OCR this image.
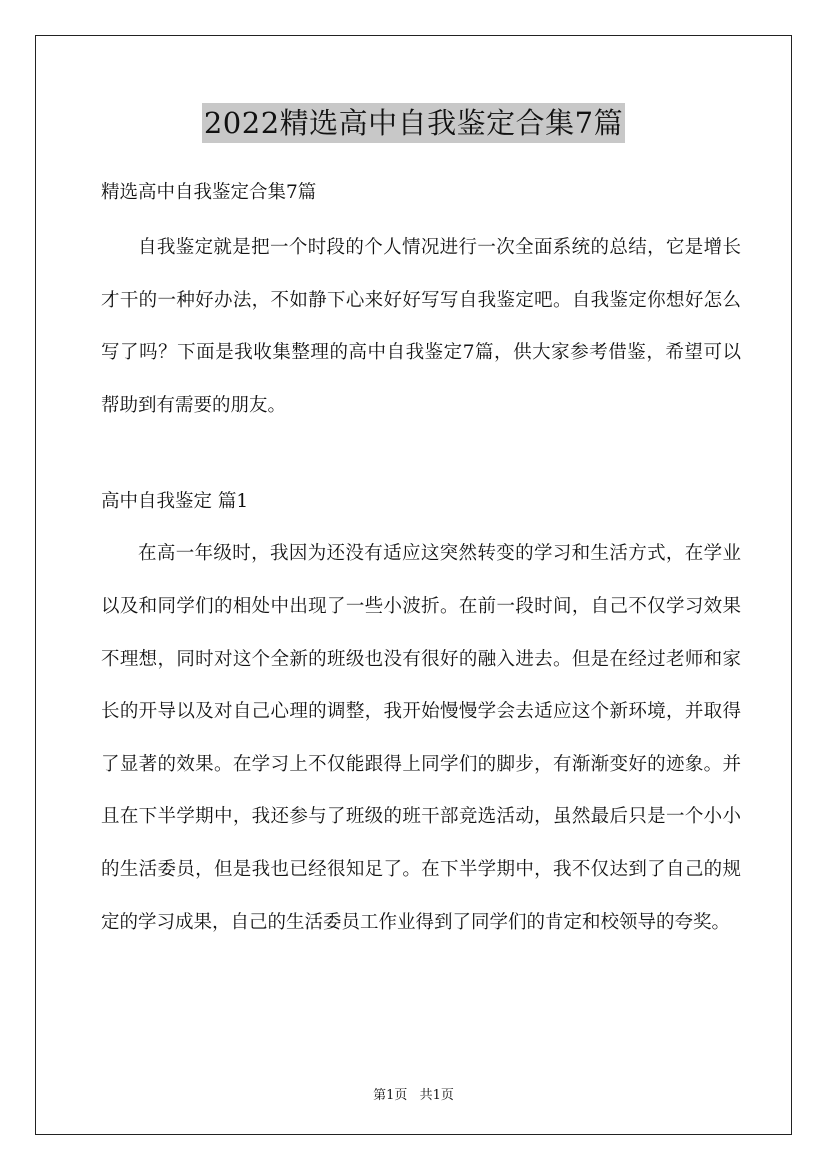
2022精选高中自我鉴定合集7篇

精选高中自我鉴定合集7篇

自我鉴定就是把一个时段的个人情况进行一次全面系统的总结，它是增长才干的一种好办法，不如静下心来好好写写自我鉴定吧。自我鉴定你想好怎么写了吗？下面是我收集整理的高中自我鉴定7篇，供大家参考借鉴，希望可以帮助到有需要的朋友。

高中自我鉴定 篇1

在高一年级时，我因为还没有适应这突然转变的学习和生活方式，在学业以及和同学们的相处中出现了一些小波折。在前一段时间，自己不仅学习效果不理想，同时对这个全新的班级也没有很好的融入进去。但是在经过老师和家长的开导以及对自己心理的调整，我开始慢慢学会去适应这个新环境，并取得了显著的效果。在学习上不仅能跟得上同学们的脚步，有渐渐变好的迹象。并且在下半学期中，我还参与了班级的班干部竞选活动，虽然最后只是一个小小的生活委员，但是我也已经很知足了。在下半学期中，我不仅达到了自己的规定的学习成果，自己的生活委员工作业得到了同学们的肯定和校领导的夸奖。

第1页 共1页
